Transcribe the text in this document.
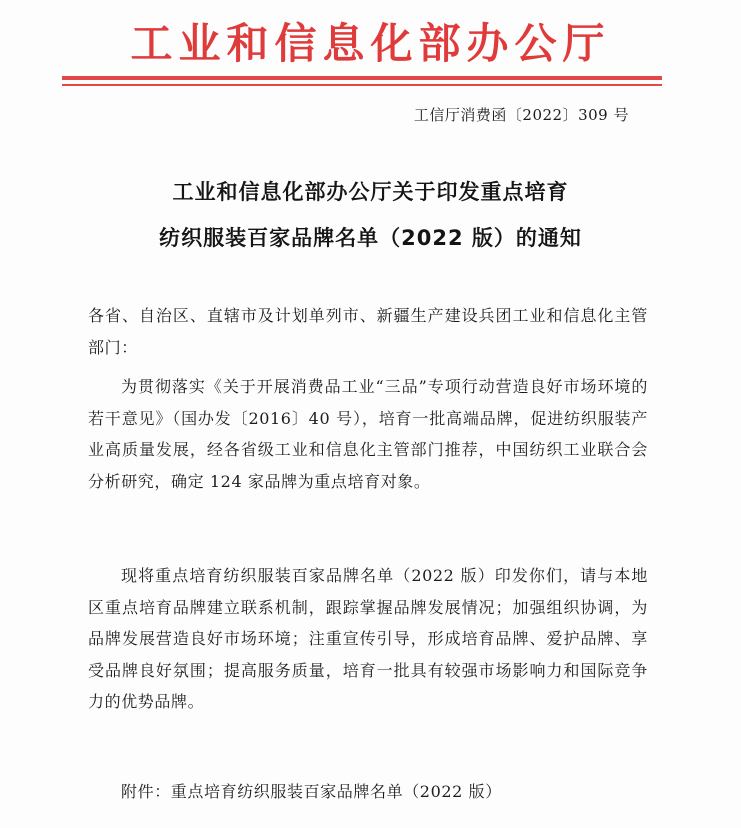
工业和信息化部办公厅
工信厅消费函〔2022〕309 号
工业和信息化部办公厅关于印发重点培育
纺织服装百家品牌名单（2022 版）的通知
各省、自治区、直辖市及计划单列市、新疆生产建设兵团工业和信息化主管部门：
为贯彻落实《关于开展消费品工业“三品”专项行动营造良好市场环境的若干意见》（国办发〔2016〕40 号），培育一批高端品牌，促进纺织服装产业高质量发展，经各省级工业和信息化主管部门推荐，中国纺织工业联合会分析研究，确定 124 家品牌为重点培育对象。
现将重点培育纺织服装百家品牌名单（2022 版）印发你们，请与本地区重点培育品牌建立联系机制，跟踪掌握品牌发展情况；加强组织协调，为品牌发展营造良好市场环境；注重宣传引导，形成培育品牌、爱护品牌、享受品牌良好氛围；提高服务质量，培育一批具有较强市场影响力和国际竞争力的优势品牌。
附件：重点培育纺织服装百家品牌名单（2022 版）
